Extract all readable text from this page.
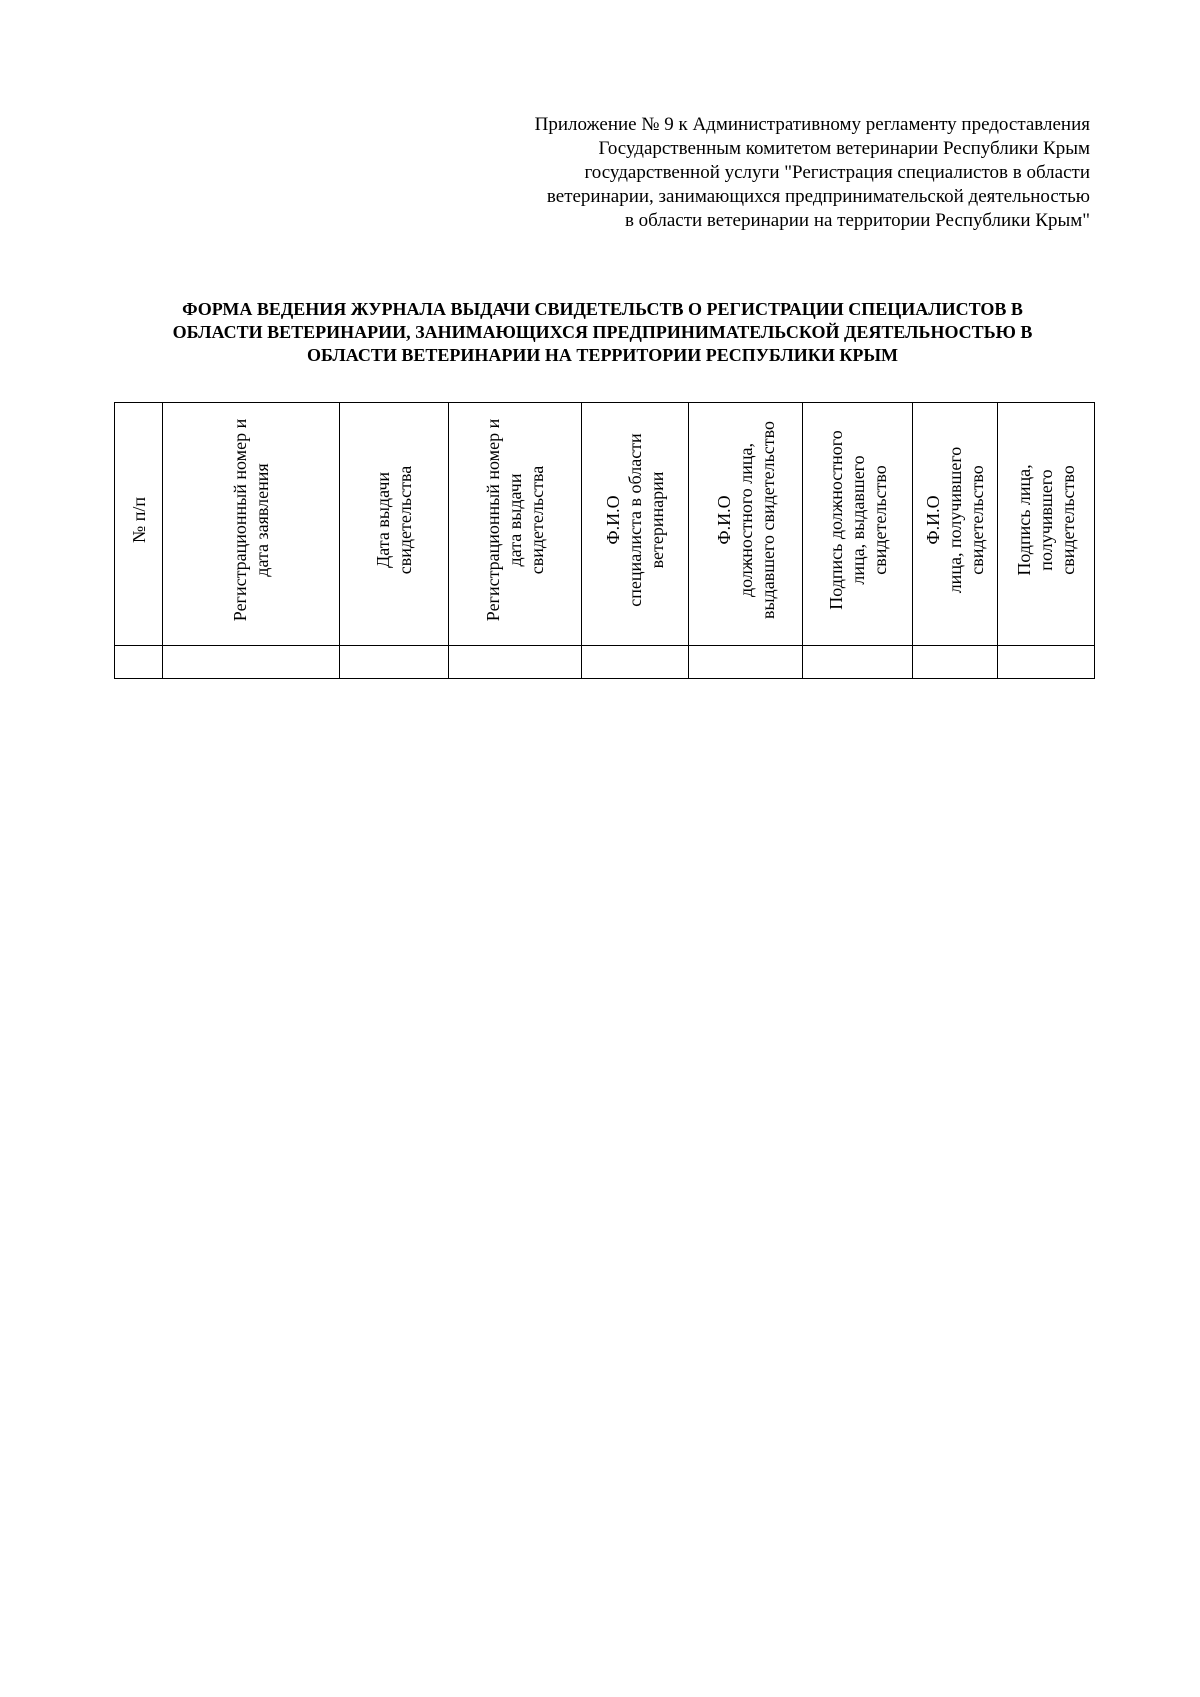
Приложение № 9 к Административному регламенту предоставления
Государственным комитетом ветеринарии Республики Крым
государственной услуги "Регистрация специалистов в области
ветеринарии, занимающихся предпринимательской деятельностью
в области ветеринарии на территории Республики Крым"
ФОРМА ВЕДЕНИЯ ЖУРНАЛА ВЫДАЧИ СВИДЕТЕЛЬСТВ О РЕГИСТРАЦИИ СПЕЦИАЛИСТОВ В
ОБЛАСТИ ВЕТЕРИНАРИИ, ЗАНИМАЮЩИХСЯ ПРЕДПРИНИМАТЕЛЬСКОЙ ДЕЯТЕЛЬНОСТЬЮ В
ОБЛАСТИ ВЕТЕРИНАРИИ НА ТЕРРИТОРИИ РЕСПУБЛИКИ КРЫМ
№ п/п	Регистрационный номер и дата заявления	Дата выдачи свидетельства	Регистрационный номер и дата выдачи свидетельства	Ф.И.О специалиста в области ветеринарии	Ф.И.О должностного лица, выдавшего свидетельство	Подпись должностного лица, выдавшего свидетельство	Ф.И.О лица, получившего свидетельство	Подпись лица, получившего свидетельство
